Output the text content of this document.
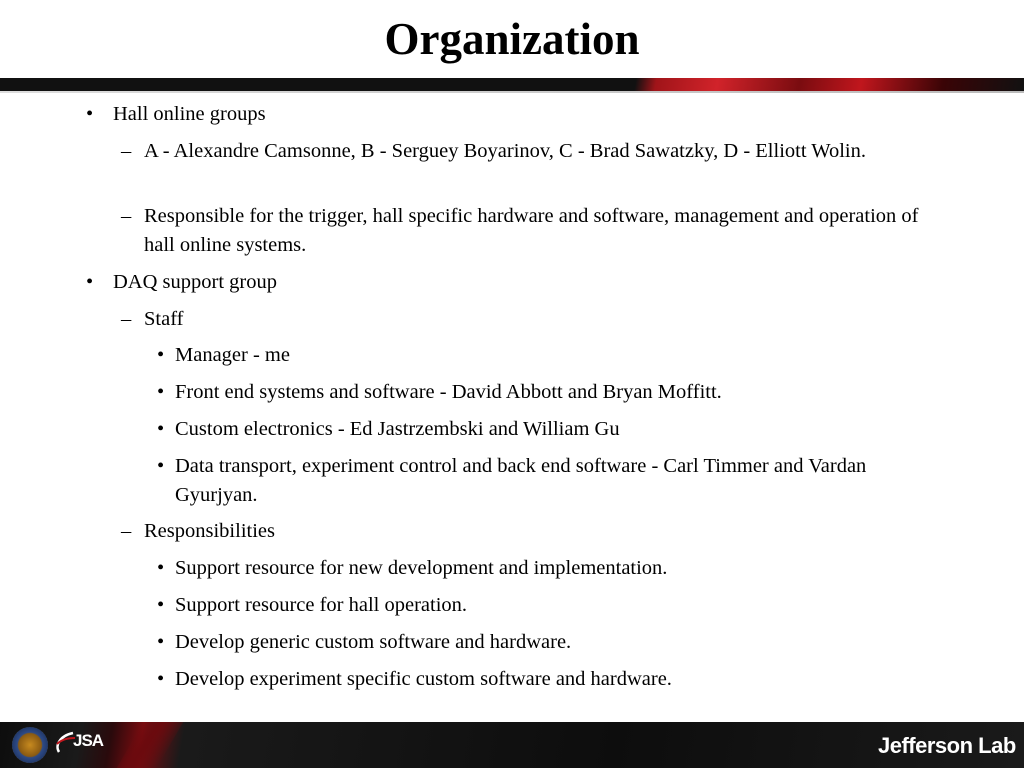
Organization
• Hall online groups
– A - Alexandre Camsonne, B - Serguey Boyarinov, C - Brad Sawatzky, D - Elliott Wolin.
– Responsible for the trigger, hall specific hardware and software, management and operation of hall online systems.
• DAQ support group
– Staff
• Manager - me
• Front end systems and software - David Abbott and Bryan Moffitt.
• Custom electronics - Ed Jastrzembski and William Gu
• Data transport, experiment control and back end software - Carl Timmer and Vardan Gyurjyan.
– Responsibilities
• Support resource for new development and implementation.
• Support resource for hall operation.
• Develop generic custom software and hardware.
• Develop experiment specific custom software and hardware.
JSA	Jefferson Lab
